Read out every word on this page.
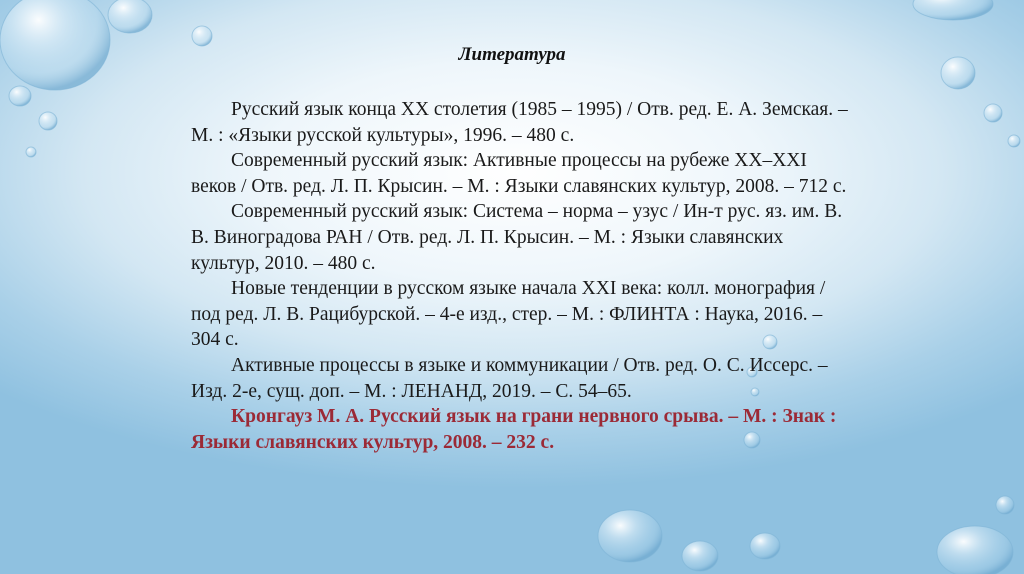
Литература

Русский язык конца ХХ столетия (1985 – 1995) / Отв. ред. Е. А. Земская. – М. : «Языки русской культуры», 1996. – 480 с.

Современный русский язык: Активные процессы на рубеже ХХ–XXI веков / Отв. ред. Л. П. Крысин. – М. : Языки славянских культур, 2008. – 712 с.

Современный русский язык: Система – норма – узус / Ин-т рус. яз. им. В. В. Виноградова РАН / Отв. ред. Л. П. Крысин. – М. : Языки славянских культур, 2010. – 480 с.

Новые тенденции в русском языке начала XXI века: колл. монография / под ред. Л. В. Рацибурской. – 4-е изд., стер. – М. : ФЛИНТА : Наука, 2016. – 304 с.

Активные процессы в языке и коммуникации / Отв. ред. О. С. Иссерс. – Изд. 2-е, сущ. доп. – М. : ЛЕНАНД, 2019. – С. 54–65.

Кронгауз М. А. Русский язык на грани нервного срыва. – М. : Знак : Языки славянских культур, 2008. – 232 с.
